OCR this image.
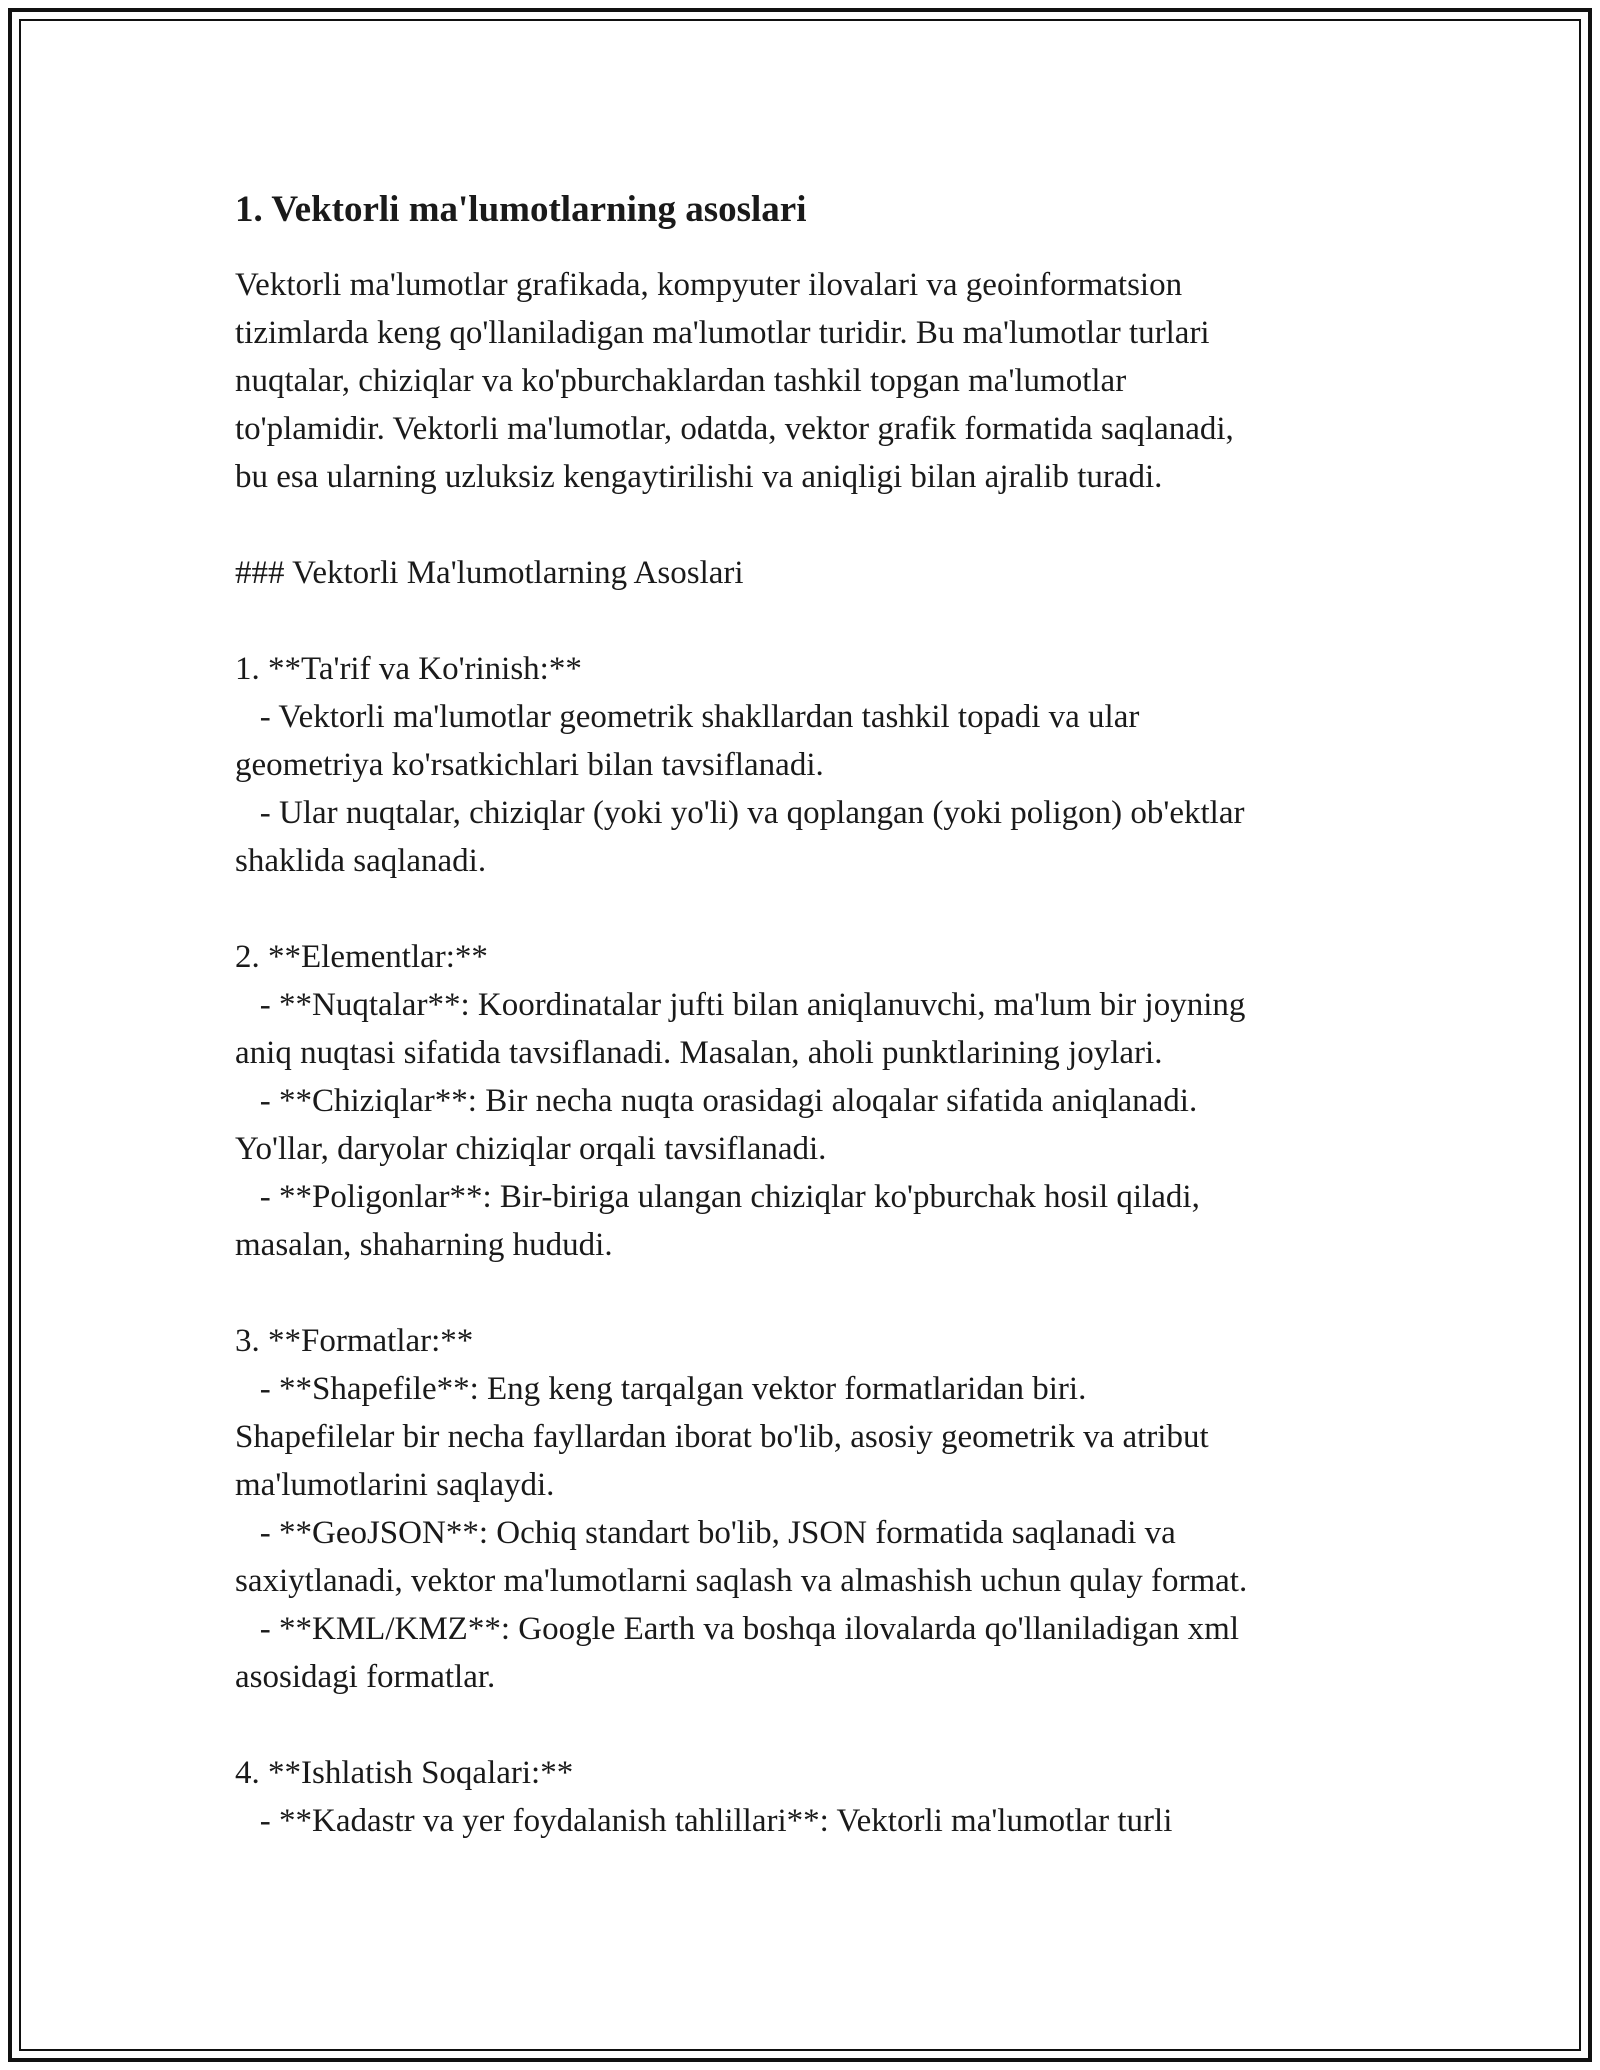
1. Vektorli ma'lumotlarning asoslari
Vektorli ma'lumotlar grafikada, kompyuter ilovalari va geoinformatsion
tizimlarda keng qo'llaniladigan ma'lumotlar turidir. Bu ma'lumotlar turlari
nuqtalar, chiziqlar va ko'pburchaklardan tashkil topgan ma'lumotlar
to'plamidir. Vektorli ma'lumotlar, odatda, vektor grafik formatida saqlanadi,
bu esa ularning uzluksiz kengaytirilishi va aniqligi bilan ajralib turadi.
### Vektorli Ma'lumotlarning Asoslari
1. **Ta'rif va Ko'rinish:**
- Vektorli ma'lumotlar geometrik shakllardan tashkil topadi va ular
geometriya ko'rsatkichlari bilan tavsiflanadi.
- Ular nuqtalar, chiziqlar (yoki yo'li) va qoplangan (yoki poligon) ob'ektlar
shaklida saqlanadi.
2. **Elementlar:**
- **Nuqtalar**: Koordinatalar jufti bilan aniqlanuvchi, ma'lum bir joyning
aniq nuqtasi sifatida tavsiflanadi. Masalan, aholi punktlarining joylari.
- **Chiziqlar**: Bir necha nuqta orasidagi aloqalar sifatida aniqlanadi.
Yo'llar, daryolar chiziqlar orqali tavsiflanadi.
- **Poligonlar**: Bir-biriga ulangan chiziqlar ko'pburchak hosil qiladi,
masalan, shaharning hududi.
3. **Formatlar:**
- **Shapefile**: Eng keng tarqalgan vektor formatlaridan biri.
Shapefilelar bir necha fayllardan iborat bo'lib, asosiy geometrik va atribut
ma'lumotlarini saqlaydi.
- **GeoJSON**: Ochiq standart bo'lib, JSON formatida saqlanadi va
saxiytlanadi, vektor ma'lumotlarni saqlash va almashish uchun qulay format.
- **KML/KMZ**: Google Earth va boshqa ilovalarda qo'llaniladigan xml
asosidagi formatlar.
4. **Ishlatish Soqalari:**
- **Kadastr va yer foydalanish tahlillari**: Vektorli ma'lumotlar turli
